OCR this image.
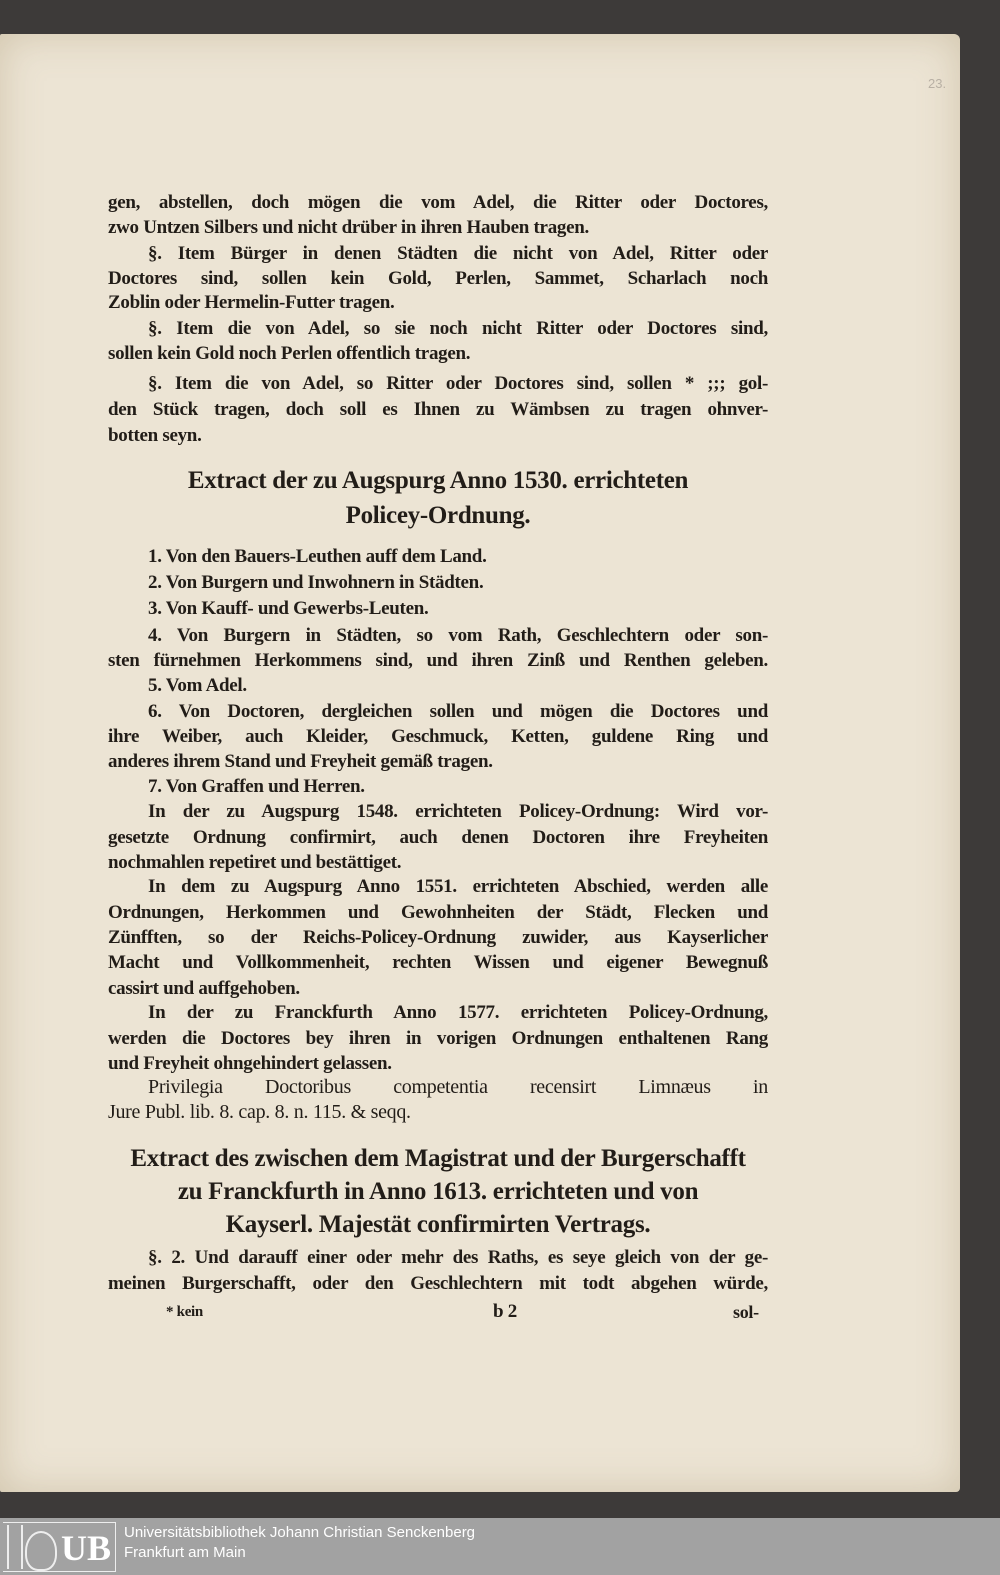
23.
gen, abstellen, doch mögen die vom Adel, die Ritter oder Doctores,
zwo Untzen Silbers und nicht drüber in ihren Hauben tragen.
§. Item Bürger in denen Städten die nicht von Adel, Ritter oder
Doctores sind, sollen kein Gold, Perlen, Sammet, Scharlach noch
Zoblin oder Hermelin-Futter tragen.
§. Item die von Adel, so sie noch nicht Ritter oder Doctores sind,
sollen kein Gold noch Perlen offentlich tragen.
§. Item die von Adel, so Ritter oder Doctores sind, sollen * ;;; gol-
den Stück tragen, doch soll es Ihnen zu Wämbsen zu tragen ohnver-
botten seyn.
Extract der zu Augspurg Anno 1530. errichteten
Policey-Ordnung.
1. Von den Bauers-Leuthen auff dem Land.
2. Von Burgern und Inwohnern in Städten.
3. Von Kauff- und Gewerbs-Leuten.
4. Von Burgern in Städten, so vom Rath, Geschlechtern oder son-
sten fürnehmen Herkommens sind, und ihren Zinß und Renthen geleben.
5. Vom Adel.
6. Von Doctoren, dergleichen sollen und mögen die Doctores und
ihre Weiber, auch Kleider, Geschmuck, Ketten, guldene Ring und
anderes ihrem Stand und Freyheit gemäß tragen.
7. Von Graffen und Herren.
In der zu Augspurg 1548. errichteten Policey-Ordnung: Wird vor-
gesetzte Ordnung confirmirt, auch denen Doctoren ihre Freyheiten
nochmahlen repetiret und bestättiget.
In dem zu Augspurg Anno 1551. errichteten Abschied, werden alle
Ordnungen, Herkommen und Gewohnheiten der Städt, Flecken und
Zünfften, so der Reichs-Policey-Ordnung zuwider, aus Kayserlicher
Macht und Vollkommenheit, rechten Wissen und eigener Bewegnuß
cassirt und auffgehoben.
In der zu Franckfurth Anno 1577. errichteten Policey-Ordnung,
werden die Doctores bey ihren in vorigen Ordnungen enthaltenen Rang
und Freyheit ohngehindert gelassen.
Privilegia Doctoribus competentia recensirt Limnæus in
Jure Publ. lib. 8. cap. 8. n. 115. & seqq.
Extract des zwischen dem Magistrat und der Burgerschafft
zu Franckfurth in Anno 1613. errichteten und von
Kayserl. Majestät confirmirten Vertrags.
§. 2. Und darauff einer oder mehr des Raths, es seye gleich von der ge-
meinen Burgerschafft, oder den Geschlechtern mit todt abgehen würde,
* kein	b 2	sol-
UB Universitätsbibliothek Johann Christian Senckenberg
Frankfurt am Main
